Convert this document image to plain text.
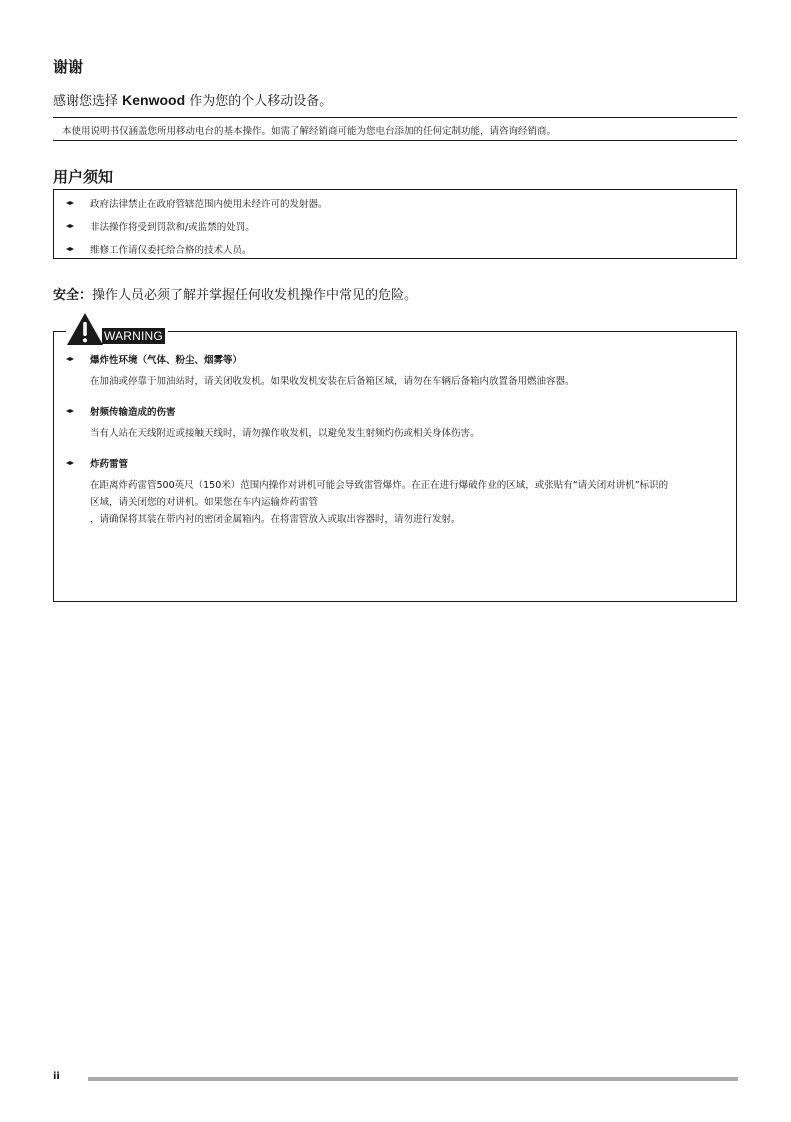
谢谢

感谢您选择 Kenwood 作为您的个人移动设备。

本使用说明书仅涵盖您所用移动电台的基本操作。如需了解经销商可能为您电台添加的任何定制功能，请咨询经销商。
用户须知
政府法律禁止在政府管辖范围内使用未经许可的发射器。
非法操作将受到罚款和/或监禁的处罚。
维修工作请仅委托给合格的技术人员。
安全：操作人员必须了解并掌握任何收发机操作中常见的危险。
WARNING
爆炸性环境（气体、粉尘、烟雾等）

在加油或停靠于加油站时，请关闭收发机。如果收发机安装在后备箱区域，请勿在车辆后备箱内放置备用燃油容器。

射频传输造成的伤害

当有人站在天线附近或接触天线时，请勿操作收发机，以避免发生射频灼伤或相关身体伤害。

炸药雷管

在距离炸药雷管500英尺（150米）范围内操作对讲机可能会导致雷管爆炸。在正在进行爆破作业的区域，或张贴有“请关闭对讲机”标识的

区域，请关闭您的对讲机。如果您在车内运输炸药雷管

，请确保将其装在带内衬的密闭金属箱内。在将雷管放入或取出容器时，请勿进行发射。

ii
